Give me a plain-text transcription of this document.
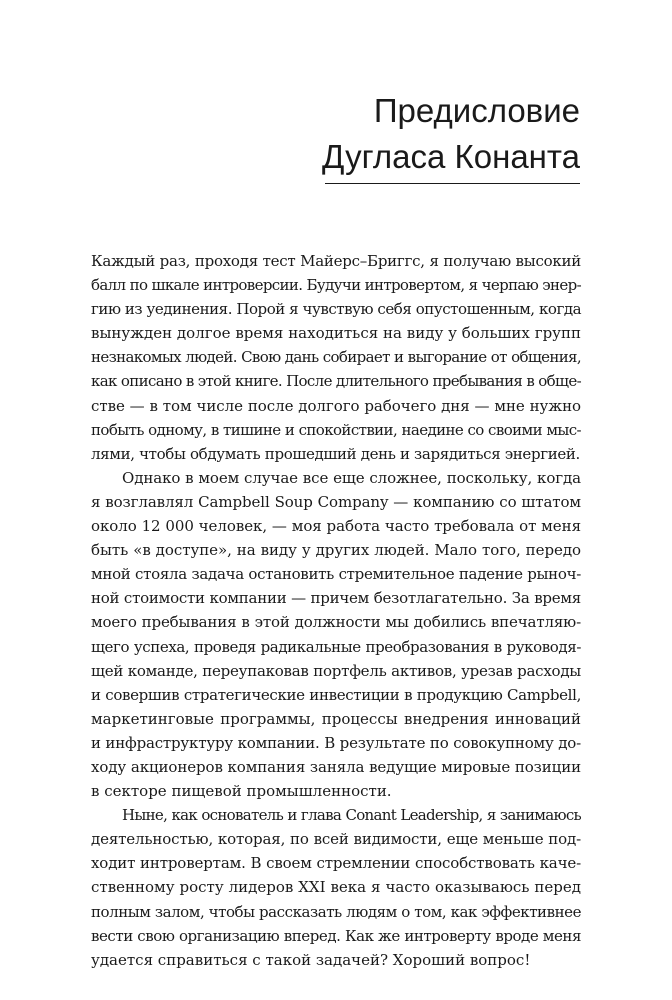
Предисловие
Дугласа Конанта

Каждый раз, проходя тест Майерс–Бриггс, я получаю высокий
балл по шкале интроверсии. Будучи интровертом, я черпаю энер-
гию из уединения. Порой я чувствую себя опустошенным, когда
вынужден долгое время находиться на виду у больших групп
незнакомых людей. Свою дань собирает и выгорание от общения,
как описано в этой книге. После длительного пребывания в обще-
стве — в том числе после долгого рабочего дня — мне нужно
побыть одному, в тишине и спокойствии, наедине со своими мыс-
лями, чтобы обдумать прошедший день и зарядиться энергией.

Однако в моем случае все еще сложнее, поскольку, когда
я возглавлял Campbell Soup Company — компанию со штатом
около 12 000 человек, — моя работа часто требовала от меня
быть «в доступе», на виду у других людей. Мало того, передо
мной стояла задача остановить стремительное падение рыноч-
ной стоимости компании — причем безотлагательно. За время
моего пребывания в этой должности мы добились впечатляю-
щего успеха, проведя радикальные преобразования в руководя-
щей команде, переупаковав портфель активов, урезав расходы
и совершив стратегические инвестиции в продукцию Campbell,
маркетинговые программы, процессы внедрения инноваций
и инфраструктуру компании. В результате по совокупному до-
ходу акционеров компания заняла ведущие мировые позиции
в секторе пищевой промышленности.

Ныне, как основатель и глава Conant Leadership, я занимаюсь
деятельностью, которая, по всей видимости, еще меньше под-
ходит интровертам. В своем стремлении способствовать каче-
ственному росту лидеров XXI века я часто оказываюсь перед
полным залом, чтобы рассказать людям о том, как эффективнее
вести свою организацию вперед. Как же интроверту вроде меня
удается справиться с такой задачей? Хороший вопрос!
